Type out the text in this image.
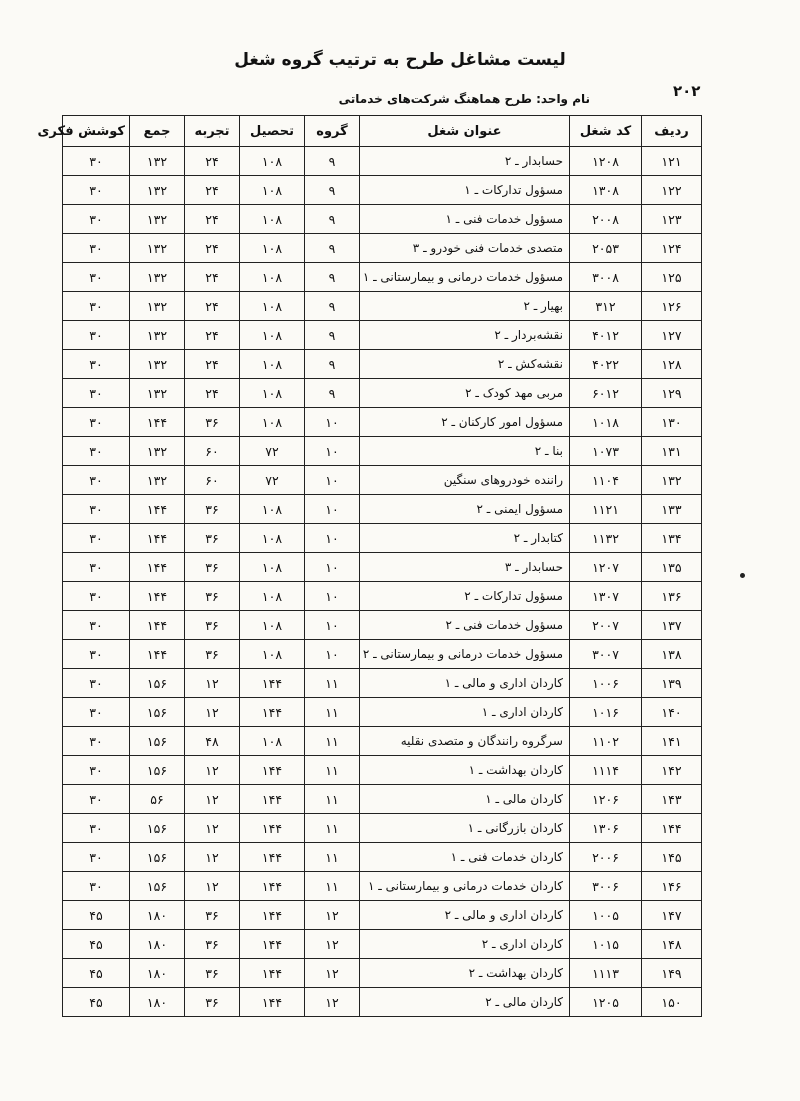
لیست مشاغل طرح به ترتیب گروه شغل
۲۰۲
نام واحد: طرح هماهنگ شرکت‌های خدماتی
ردیف	کد شغل	عنوان شغل	گروه	تحصیل	تجربه	جمع	کوشش فکری
۱۲۱	۱۲۰۸	حسابدار ـ ۲	۹	۱۰۸	۲۴	۱۳۲	۳۰
۱۲۲	۱۳۰۸	مسؤول تدارکات ـ ۱	۹	۱۰۸	۲۴	۱۳۲	۳۰
۱۲۳	۲۰۰۸	مسؤول خدمات فنی ـ ۱	۹	۱۰۸	۲۴	۱۳۲	۳۰
۱۲۴	۲۰۵۳	متصدی خدمات فنی خودرو ـ ۳	۹	۱۰۸	۲۴	۱۳۲	۳۰
۱۲۵	۳۰۰۸	مسؤول خدمات درمانی و بیمارستانی ـ ۱	۹	۱۰۸	۲۴	۱۳۲	۳۰
۱۲۶	۳۱۲	بهیار ـ ۲	۹	۱۰۸	۲۴	۱۳۲	۳۰
۱۲۷	۴۰۱۲	نقشه‌بردار ـ ۲	۹	۱۰۸	۲۴	۱۳۲	۳۰
۱۲۸	۴۰۲۲	نقشه‌کش ـ ۲	۹	۱۰۸	۲۴	۱۳۲	۳۰
۱۲۹	۶۰۱۲	مربی مهد کودک ـ ۲	۹	۱۰۸	۲۴	۱۳۲	۳۰
۱۳۰	۱۰۱۸	مسؤول امور کارکنان ـ ۲	۱۰	۱۰۸	۳۶	۱۴۴	۳۰
۱۳۱	۱۰۷۳	بنا ـ ۲	۱۰	۷۲	۶۰	۱۳۲	۳۰
۱۳۲	۱۱۰۴	راننده خودروهای سنگین	۱۰	۷۲	۶۰	۱۳۲	۳۰
۱۳۳	۱۱۲۱	مسؤول ایمنی ـ ۲	۱۰	۱۰۸	۳۶	۱۴۴	۳۰
۱۳۴	۱۱۳۲	کتابدار ـ ۲	۱۰	۱۰۸	۳۶	۱۴۴	۳۰
۱۳۵	۱۲۰۷	حسابدار ـ ۳	۱۰	۱۰۸	۳۶	۱۴۴	۳۰
۱۳۶	۱۳۰۷	مسؤول تدارکات ـ ۲	۱۰	۱۰۸	۳۶	۱۴۴	۳۰
۱۳۷	۲۰۰۷	مسؤول خدمات فنی ـ ۲	۱۰	۱۰۸	۳۶	۱۴۴	۳۰
۱۳۸	۳۰۰۷	مسؤول خدمات درمانی و بیمارستانی ـ ۲	۱۰	۱۰۸	۳۶	۱۴۴	۳۰
۱۳۹	۱۰۰۶	کاردان اداری و مالی ـ ۱	۱۱	۱۴۴	۱۲	۱۵۶	۳۰
۱۴۰	۱۰۱۶	کاردان اداری ـ ۱	۱۱	۱۴۴	۱۲	۱۵۶	۳۰
۱۴۱	۱۱۰۲	سرگروه رانندگان و متصدی نقلیه	۱۱	۱۰۸	۴۸	۱۵۶	۳۰
۱۴۲	۱۱۱۴	کاردان بهداشت ـ ۱	۱۱	۱۴۴	۱۲	۱۵۶	۳۰
۱۴۳	۱۲۰۶	کاردان مالی ـ ۱	۱۱	۱۴۴	۱۲	۵۶	۳۰
۱۴۴	۱۳۰۶	کاردان بازرگانی ـ ۱	۱۱	۱۴۴	۱۲	۱۵۶	۳۰
۱۴۵	۲۰۰۶	کاردان خدمات فنی ـ ۱	۱۱	۱۴۴	۱۲	۱۵۶	۳۰
۱۴۶	۳۰۰۶	کاردان خدمات درمانی و بیمارستانی ـ ۱	۱۱	۱۴۴	۱۲	۱۵۶	۳۰
۱۴۷	۱۰۰۵	کاردان اداری و مالی ـ ۲	۱۲	۱۴۴	۳۶	۱۸۰	۴۵
۱۴۸	۱۰۱۵	کاردان اداری ـ ۲	۱۲	۱۴۴	۳۶	۱۸۰	۴۵
۱۴۹	۱۱۱۳	کاردان بهداشت ـ ۲	۱۲	۱۴۴	۳۶	۱۸۰	۴۵
۱۵۰	۱۲۰۵	کاردان مالی ـ ۲	۱۲	۱۴۴	۳۶	۱۸۰	۴۵
